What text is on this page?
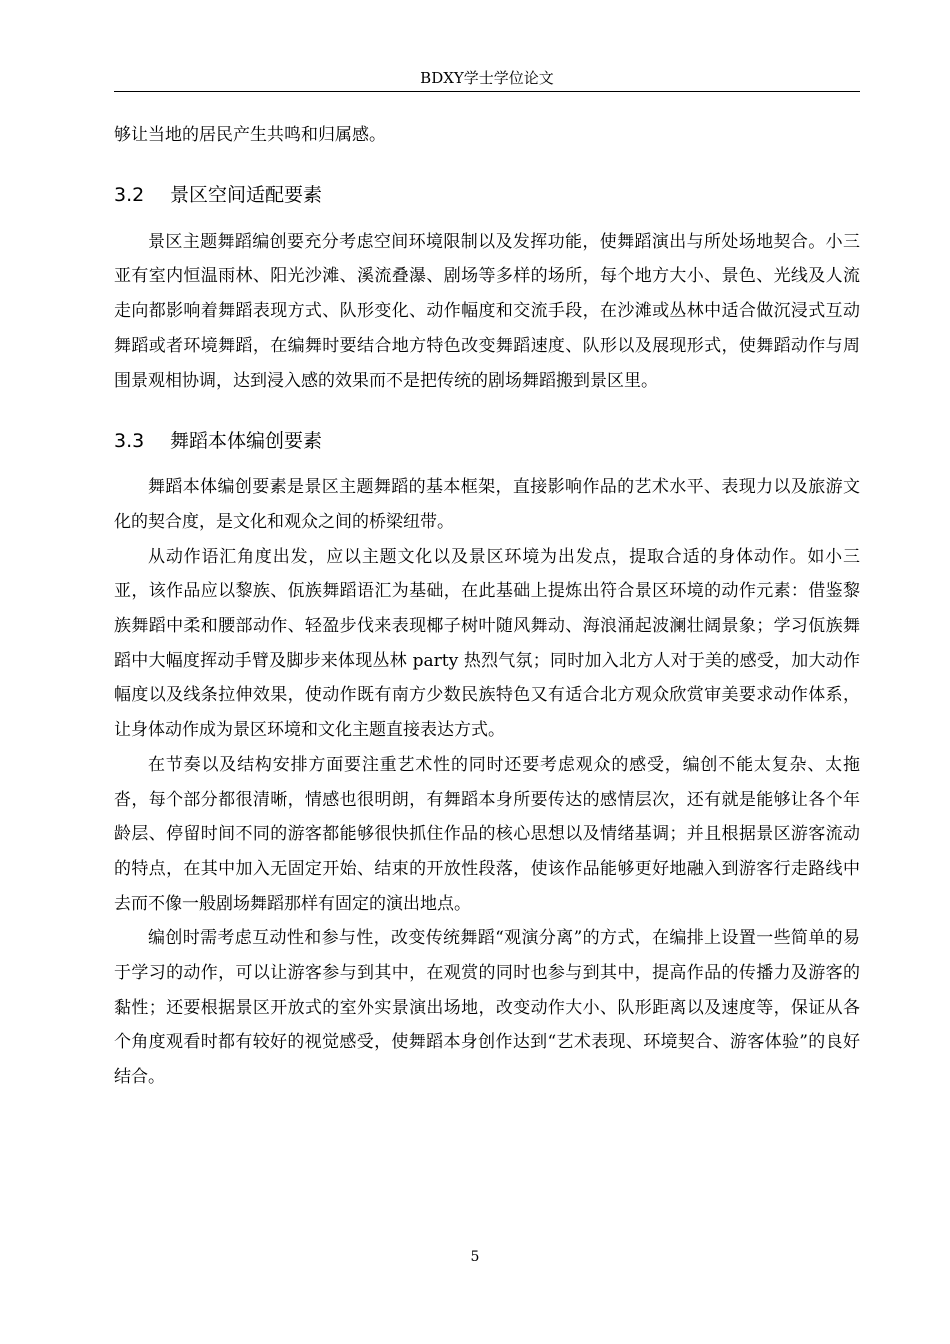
BDXY学士学位论文

够让当地的居民产生共鸣和归属感。

3.2	景区空间适配要素

景区主题舞蹈编创要充分考虑空间环境限制以及发挥功能，使舞蹈演出与所处场地契合。小三亚有室内恒温雨林、阳光沙滩、溪流叠瀑、剧场等多样的场所，每个地方大小、景色、光线及人流走向都影响着舞蹈表现方式、队形变化、动作幅度和交流手段，在沙滩或丛林中适合做沉浸式互动舞蹈或者环境舞蹈，在编舞时要结合地方特色改变舞蹈速度、队形以及展现形式，使舞蹈动作与周围景观相协调，达到浸入感的效果而不是把传统的剧场舞蹈搬到景区里。

3.3	舞蹈本体编创要素

舞蹈本体编创要素是景区主题舞蹈的基本框架，直接影响作品的艺术水平、表现力以及旅游文化的契合度，是文化和观众之间的桥梁纽带。

从动作语汇角度出发，应以主题文化以及景区环境为出发点，提取合适的身体动作。如小三亚，该作品应以黎族、佤族舞蹈语汇为基础，在此基础上提炼出符合景区环境的动作元素：借鉴黎族舞蹈中柔和腰部动作、轻盈步伐来表现椰子树叶随风舞动、海浪涌起波澜壮阔景象；学习佤族舞蹈中大幅度挥动手臂及脚步来体现丛林 party 热烈气氛；同时加入北方人对于美的感受，加大动作幅度以及线条拉伸效果，使动作既有南方少数民族特色又有适合北方观众欣赏审美要求动作体系，让身体动作成为景区环境和文化主题直接表达方式。

在节奏以及结构安排方面要注重艺术性的同时还要考虑观众的感受，编创不能太复杂、太拖沓，每个部分都很清晰，情感也很明朗，有舞蹈本身所要传达的感情层次，还有就是能够让各个年龄层、停留时间不同的游客都能够很快抓住作品的核心思想以及情绪基调；并且根据景区游客流动的特点，在其中加入无固定开始、结束的开放性段落，使该作品能够更好地融入到游客行走路线中去而不像一般剧场舞蹈那样有固定的演出地点。

编创时需考虑互动性和参与性，改变传统舞蹈“观演分离”的方式，在编排上设置一些简单的易于学习的动作，可以让游客参与到其中，在观赏的同时也参与到其中，提高作品的传播力及游客的黏性；还要根据景区开放式的室外实景演出场地，改变动作大小、队形距离以及速度等，保证从各个角度观看时都有较好的视觉感受，使舞蹈本身创作达到“艺术表现、环境契合、游客体验”的良好结合。

5
